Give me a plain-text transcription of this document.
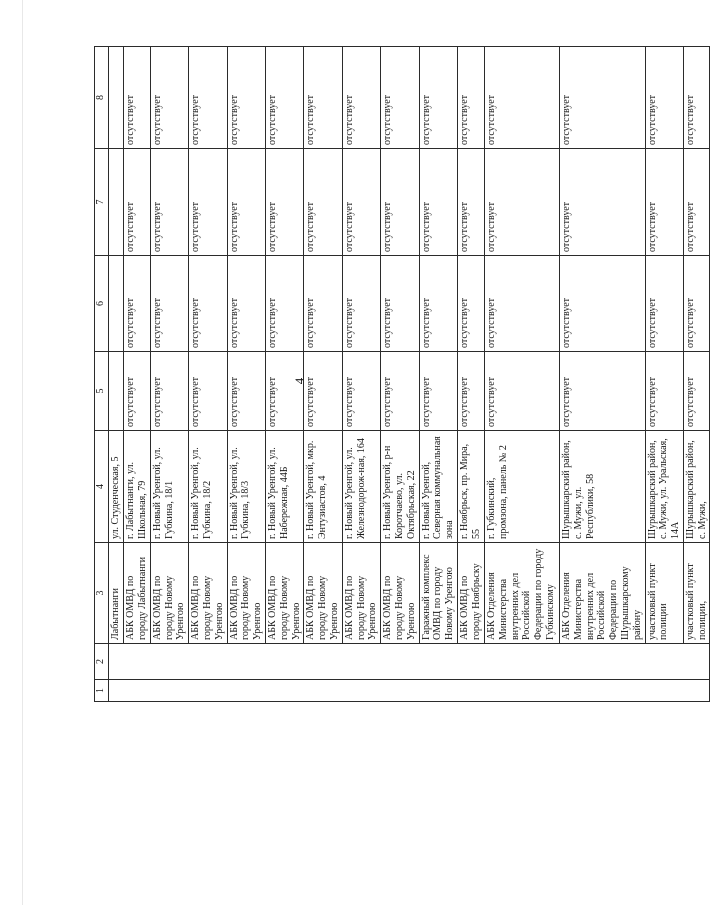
4
1	2	3	4	5	6	7	8
		Лабытнанги	ул. Студенческая, 5				
		АБК ОМВД по городу Лабытнанги	г. Лабытнанги, ул. Школьная, 79	отсутствует	отсутствует	отсутствует	отсутствует
		АБК ОМВД по городу Новому Уренгою	г. Новый Уренгой, ул. Губкина, 18/1	отсутствует	отсутствует	отсутствует	отсутствует
		АБК ОМВД по городу Новому Уренгою	г. Новый Уренгой, ул. Губкина, 18/2	отсутствует	отсутствует	отсутствует	отсутствует
		АБК ОМВД по городу Новому Уренгою	г. Новый Уренгой, ул. Губкина, 18/3	отсутствует	отсутствует	отсутствует	отсутствует
		АБК ОМВД по городу Новому Уренгою	г. Новый Уренгой, ул. Набережная, 44Б	отсутствует	отсутствует	отсутствует	отсутствует
		АБК ОМВД по городу Новому Уренгою	г. Новый Уренгой, мкр. Энтузиастов, 4	отсутствует	отсутствует	отсутствует	отсутствует
		АБК ОМВД по городу Новому Уренгою	г. Новый Уренгой, ул. Железнодорож-ная, 164	отсутствует	отсутствует	отсутствует	отсутствует
		АБК ОМВД по городу Новому Уренгою	г. Новый Уренгой, р-н Коротчаево, ул. Октябрьская, 22	отсутствует	отсутствует	отсутствует	отсутствует
		Гаражный комплекс ОМВД по городу Новому Уренгою	г. Новый Уренгой, Северная коммунальная зона	отсутствует	отсутствует	отсутствует	отсутствует
		АБК ОМВД по городу Ноябрьску	г. Ноябрьск, пр. Мира, 55	отсутствует	отсутствует	отсутствует	отсутствует
		АБК Отделения Министерства внутренних дел Российской Федерации по городу Губкинскому	г. Губкинский, промзона, панель № 2	отсутствует	отсутствует	отсутствует	отсутствует
		АБК Отделения Министерства внутренних дел Российской Федерации по Шурышкарскому району	Шурышкарский район, с. Мужи, ул. Республики, 58	отсутствует	отсутствует	отсутствует	отсутствует
		участковый пункт полиции	Шурышкарский район, с. Мужи, ул. Уральская, 14А	отсутствует	отсутствует	отсутствует	отсутствует
		участковый пункт полиции,	Шурышкарский район, с. Мужи,	отсутствует	отсутствует	отсутствует	отсутствует
